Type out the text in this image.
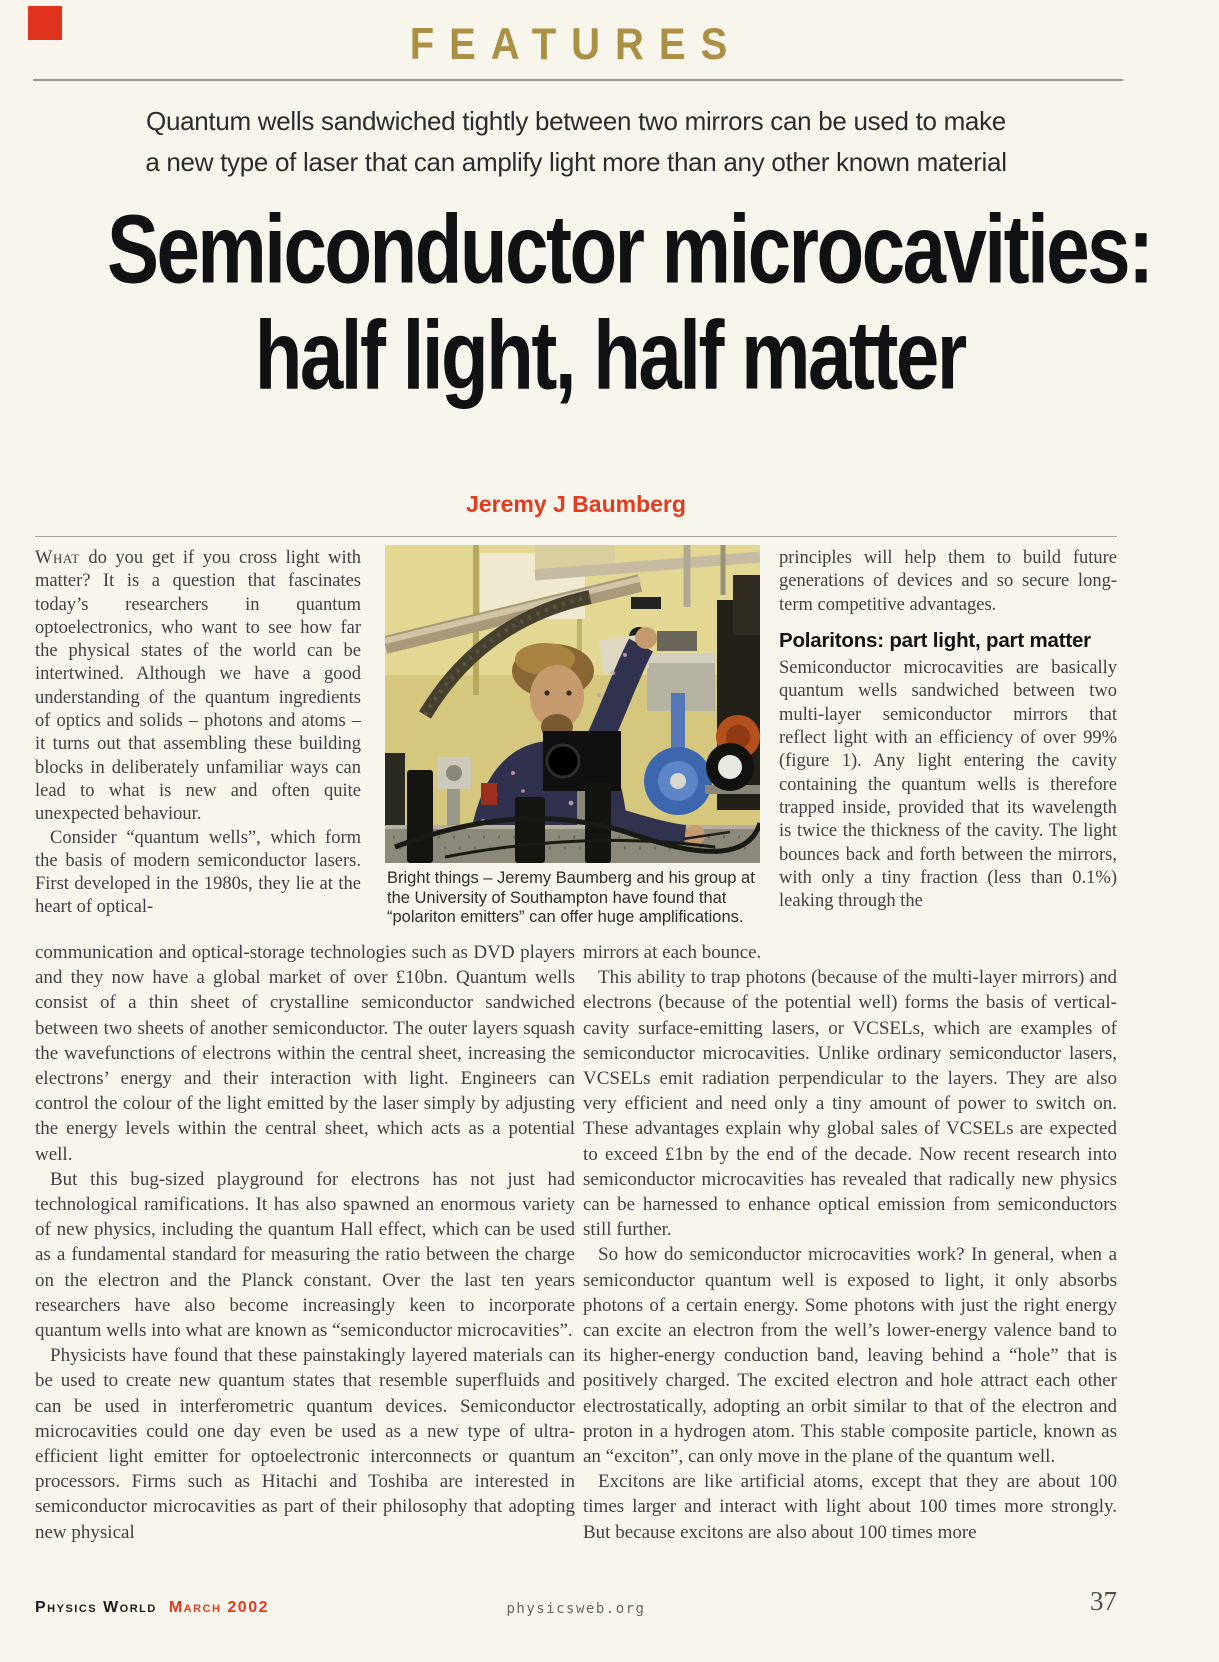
FEATURES
Quantum wells sandwiched tightly between two mirrors can be used to make
a new type of laser that can amplify light more than any other known material
Semiconductor microcavities:
half light, half matter
Jeremy J Baumberg

What do you get if you cross light with matter? It is a question that fascinates today’s researchers in quantum optoelectronics, who want to see how far the physical states of the world can be intertwined. Although we have a good understanding of the quantum ingredients of optics and solids – photons and atoms – it turns out that assembling these building blocks in deliberately unfamiliar ways can lead to what is new and often quite unexpected behaviour.

Consider “quantum wells”, which form the basis of modern semiconductor lasers. First developed in the 1980s, they lie at the heart of optical-

Bright things – Jeremy Baumberg and his group at the University of Southampton have found that “polariton emitters” can offer huge amplifications.

principles will help them to build future generations of devices and so secure long-term competitive advantages.

Polaritons: part light, part matter

Semiconductor microcavities are basically quantum wells sandwiched between two multi-layer semiconductor mirrors that reflect light with an efficiency of over 99% (figure 1). Any light entering the cavity containing the quantum wells is therefore trapped inside, provided that its wavelength is twice the thickness of the cavity. The light bounces back and forth between the mirrors, with only a tiny fraction (less than 0.1%) leaking through the

communication and optical-storage technologies such as DVD players and they now have a global market of over £10bn. Quantum wells consist of a thin sheet of crystalline semiconductor sandwiched between two sheets of another semiconductor. The outer layers squash the wavefunctions of electrons within the central sheet, increasing the electrons’ energy and their interaction with light. Engineers can control the colour of the light emitted by the laser simply by adjusting the energy levels within the central sheet, which acts as a potential well.

But this bug-sized playground for electrons has not just had technological ramifications. It has also spawned an enormous variety of new physics, including the quantum Hall effect, which can be used as a fundamental standard for measuring the ratio between the charge on the electron and the Planck constant. Over the last ten years researchers have also become increasingly keen to incorporate quantum wells into what are known as “semiconductor microcavities”.

Physicists have found that these painstakingly layered materials can be used to create new quantum states that resemble superfluids and can be used in interferometric quantum devices. Semiconductor microcavities could one day even be used as a new type of ultra-efficient light emitter for optoelectronic interconnects or quantum processors. Firms such as Hitachi and Toshiba are interested in semiconductor microcavities as part of their philosophy that adopting new physical

mirrors at each bounce.

This ability to trap photons (because of the multi-layer mirrors) and electrons (because of the potential well) forms the basis of vertical-cavity surface-emitting lasers, or VCSELs, which are examples of semiconductor microcavities. Unlike ordinary semiconductor lasers, VCSELs emit radiation perpendicular to the layers. They are also very efficient and need only a tiny amount of power to switch on. These advantages explain why global sales of VCSELs are expected to exceed £1bn by the end of the decade. Now recent research into semiconductor microcavities has revealed that radically new physics can be harnessed to enhance optical emission from semiconductors still further.

So how do semiconductor microcavities work? In general, when a semiconductor quantum well is exposed to light, it only absorbs photons of a certain energy. Some photons with just the right energy can excite an electron from the well’s lower-energy valence band to its higher-energy conduction band, leaving behind a “hole” that is positively charged. The excited electron and hole attract each other electrostatically, adopting an orbit similar to that of the electron and proton in a hydrogen atom. This stable composite particle, known as an “exciton”, can only move in the plane of the quantum well.

Excitons are like artificial atoms, except that they are about 100 times larger and interact with light about 100 times more strongly. But because excitons are also about 100 times more

Physics World March 2002	physicsweb.org	37
